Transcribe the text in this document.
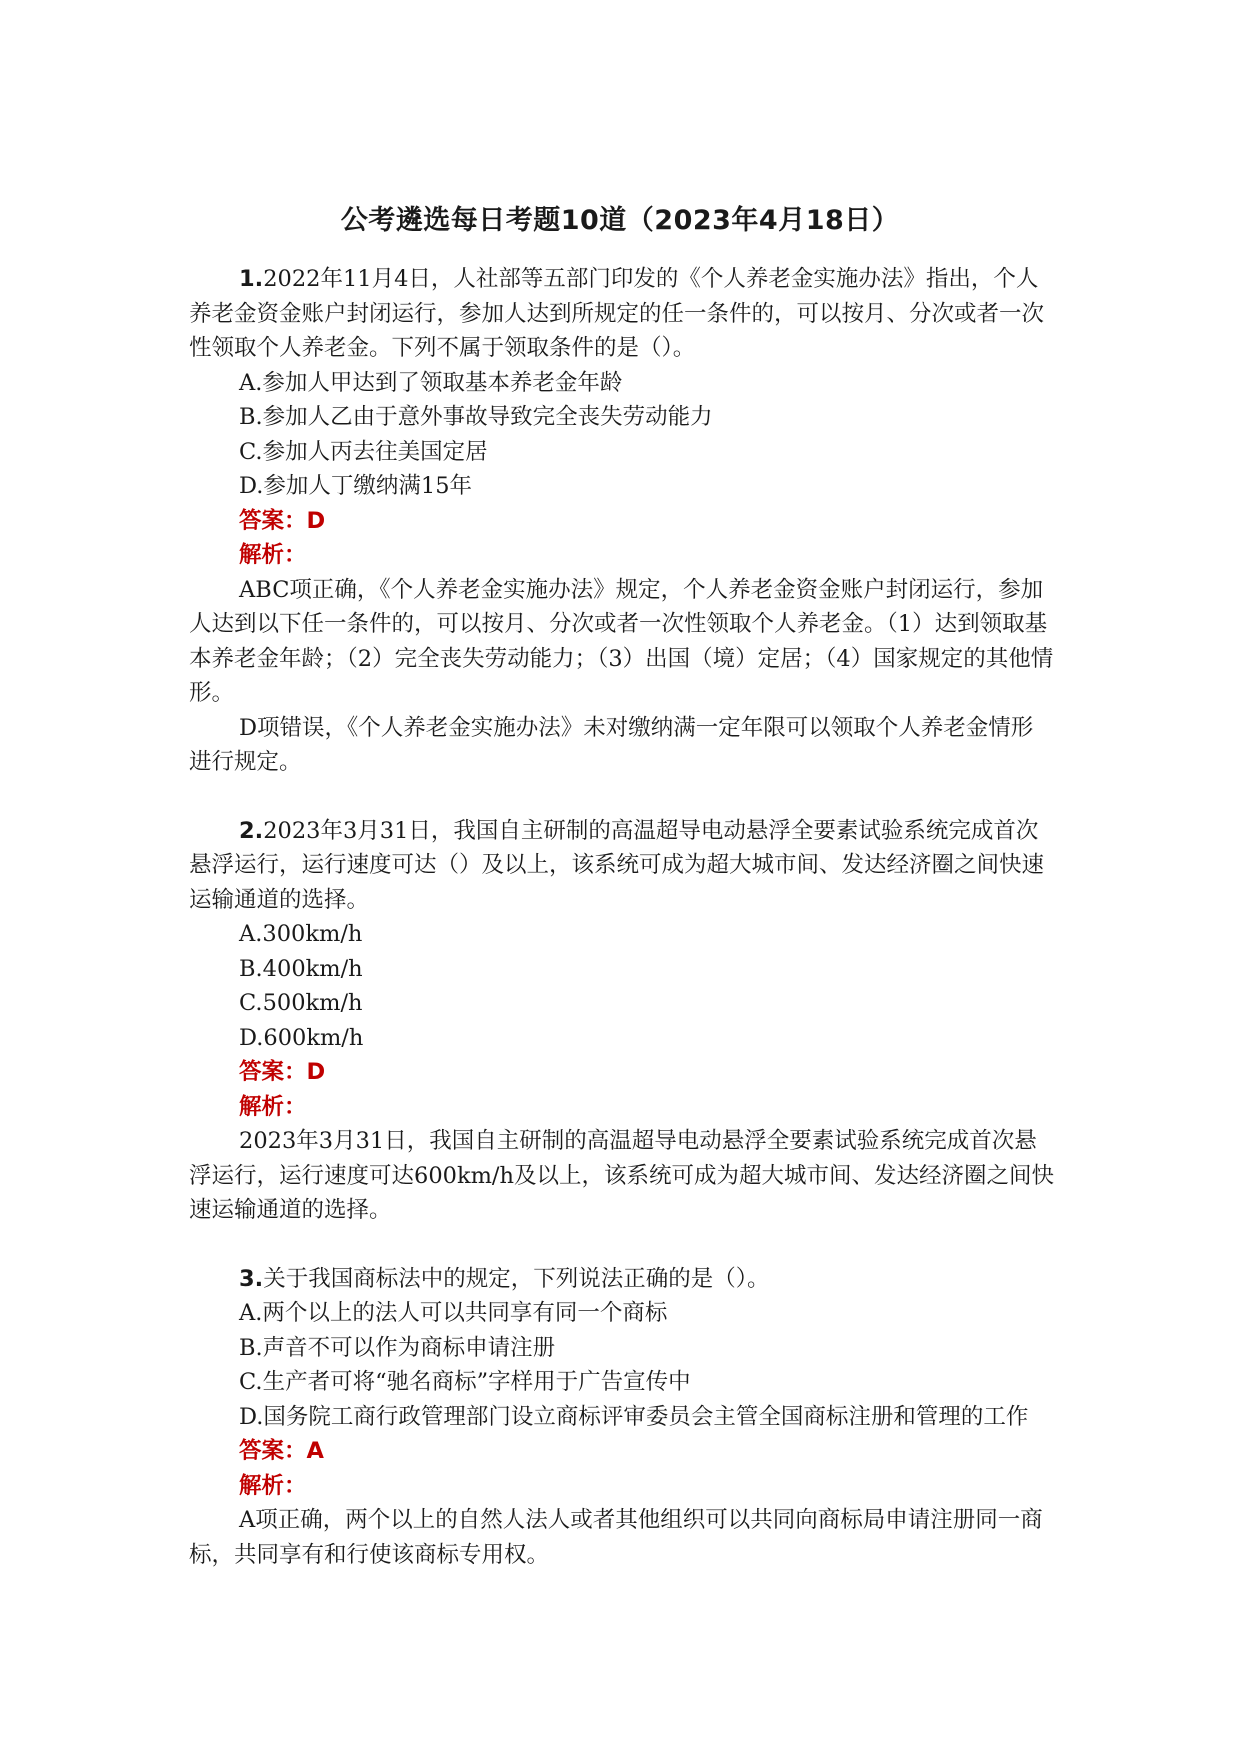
公考遴选每日考题10道（2023年4月18日）

1.2022年11月4日，人社部等五部门印发的《个人养老金实施办法》指出，个人养老金资金账户封闭运行，参加人达到所规定的任一条件的，可以按月、分次或者一次性领取个人养老金。下列不属于领取条件的是（）。

A.参加人甲达到了领取基本养老金年龄

B.参加人乙由于意外事故导致完全丧失劳动能力

C.参加人丙去往美国定居

D.参加人丁缴纳满15年

答案：D

解析：

ABC项正确，《个人养老金实施办法》规定，个人养老金资金账户封闭运行，参加人达到以下任一条件的，可以按月、分次或者一次性领取个人养老金。（1）达到领取基本养老金年龄；（2）完全丧失劳动能力；（3）出国（境）定居；（4）国家规定的其他情形。

D项错误，《个人养老金实施办法》未对缴纳满一定年限可以领取个人养老金情形进行规定。

2.2023年3月31日，我国自主研制的高温超导电动悬浮全要素试验系统完成首次悬浮运行，运行速度可达（）及以上，该系统可成为超大城市间、发达经济圈之间快速运输通道的选择。

A.300km/h

B.400km/h

C.500km/h

D.600km/h

答案：D

解析：

2023年3月31日，我国自主研制的高温超导电动悬浮全要素试验系统完成首次悬浮运行，运行速度可达600km/h及以上，该系统可成为超大城市间、发达经济圈之间快速运输通道的选择。

3.关于我国商标法中的规定，下列说法正确的是（）。

A.两个以上的法人可以共同享有同一个商标

B.声音不可以作为商标申请注册

C.生产者可将“驰名商标”字样用于广告宣传中

D.国务院工商行政管理部门设立商标评审委员会主管全国商标注册和管理的工作

答案：A

解析：

A项正确，两个以上的自然人法人或者其他组织可以共同向商标局申请注册同一商标，共同享有和行使该商标专用权。
